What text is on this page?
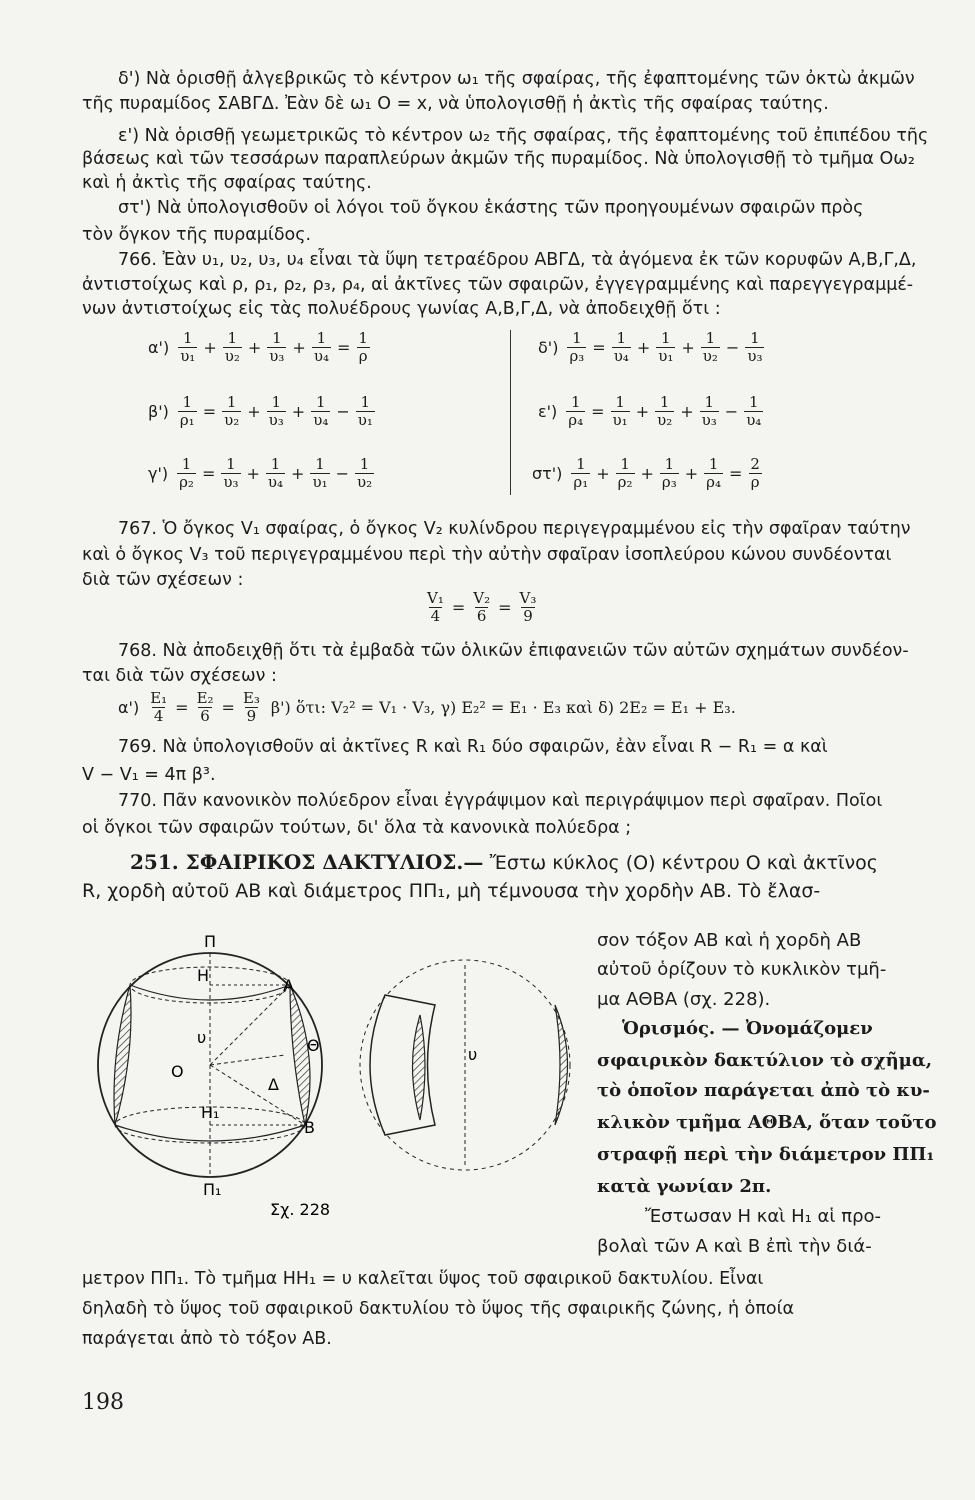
δ') Νὰ ὁρισθῇ ἀλγεβρικῶς τὸ κέντρον ω₁ τῆς σφαίρας, τῆς ἐφαπτομένης τῶν ὀκτὼ ἀκμῶν
τῆς πυραμίδος ΣΑΒΓΔ. Ἐὰν δὲ ω₁ Ο = x, νὰ ὑπολογισθῇ ἡ ἀκτὶς τῆς σφαίρας ταύτης.
ε') Νὰ ὁρισθῇ γεωμετρικῶς τὸ κέντρον ω₂ τῆς σφαίρας, τῆς ἐφαπτομένης τοῦ ἐπιπέδου τῆς
βάσεως καὶ τῶν τεσσάρων παραπλεύρων ἀκμῶν τῆς πυραμίδος. Νὰ ὑπολογισθῇ τὸ τμῆμα Οω₂
καὶ ἡ ἀκτὶς τῆς σφαίρας ταύτης.
στ') Νὰ ὑπολογισθοῦν οἱ λόγοι τοῦ ὄγκου ἑκάστης τῶν προηγουμένων σφαιρῶν πρὸς
τὸν ὄγκον τῆς πυραμίδος.
766. Ἐὰν υ₁, υ₂, υ₃, υ₄ εἶναι τὰ ὕψη τετραέδρου ΑΒΓΔ, τὰ ἀγόμενα ἐκ τῶν κορυφῶν Α,Β,Γ,Δ,
ἀντιστοίχως καὶ ρ, ρ₁, ρ₂, ρ₃, ρ₄, αἱ ἀκτῖνες τῶν σφαιρῶν, ἐγγεγραμμένης καὶ παρεγγεγραμμέ-
νων ἀντιστοίχως εἰς τὰς πολυέδρους γωνίας Α,Β,Γ,Δ, νὰ ἀποδειχθῇ ὅτι :
$\alpha') \frac{1}{\text{υ₁}} + \frac{1}{\text{υ₂}} + \frac{1}{\text{υ₃}} + \frac{1}{\text{υ₄}} = \frac{1}{\rho}$
$\beta') \frac{1}{\text{ρ₁}} = \frac{1}{\text{υ₂}} + \frac{1}{\text{υ₃}} + \frac{1}{\text{υ₄}} - \frac{1}{\text{υ₁}}$
$\gamma') \frac{1}{\text{ρ₂}} = \frac{1}{\text{υ₃}} + \frac{1}{\text{υ₄}} + \frac{1}{\text{υ₁}} - \frac{1}{\text{υ₂}}$
$\delta') \frac{1}{\text{ρ₃}} = \frac{1}{\text{υ₄}} + \frac{1}{\text{υ₁}} + \frac{1}{\text{υ₂}} - \frac{1}{\text{υ₃}}$
$\varepsilon') \frac{1}{\text{ρ₄}} = \frac{1}{\text{υ₁}} + \frac{1}{\text{υ₂}} + \frac{1}{\text{υ₃}} - \frac{1}{\text{υ₄}}$
$\sigma\tau') \frac{1}{\text{ρ₁}} + \frac{1}{\text{ρ₂}} + \frac{1}{\text{ρ₃}} + \frac{1}{\text{ρ₄}} = \frac{2}{\rho}$
767. Ὁ ὄγκος V₁ σφαίρας, ὁ ὄγκος V₂ κυλίνδρου περιγεγραμμένου εἰς τὴν σφαῖραν ταύτην
καὶ ὁ ὄγκος V₃ τοῦ περιγεγραμμένου περὶ τὴν αὐτὴν σφαῖραν ἰσοπλεύρου κώνου συνδέονται
διὰ τῶν σχέσεων :
$\frac{\text{V₁}}{4} = \frac{\text{V₂}}{6} = \frac{\text{V₃}}{9}$
768. Νὰ ἀποδειχθῇ ὅτι τὰ ἐμβαδὰ τῶν ὁλικῶν ἐπιφανειῶν τῶν αὐτῶν σχημάτων συνδέον-
ται διὰ τῶν σχέσεων :
$\alpha') \frac{\text{E₁}}{4} = \frac{\text{E₂}}{6} = \frac{\text{E₃}}{9} \beta'$) ὅτι: V₂² = V₁ · V₃, γ) E₂² = E₁ · E₃ καὶ δ) 2E₂ = E₁ + E₃.
769. Νὰ ὑπολογισθοῦν αἱ ἀκτῖνες R καὶ R₁ δύο σφαιρῶν, ἐὰν εἶναι R − R₁ = α καὶ
V − V₁ = 4π β³.
770. Πᾶν κανονικὸν πολύεδρον εἶναι ἐγγράψιμον καὶ περιγράψιμον περὶ σφαῖραν. Ποῖοι
οἱ ὄγκοι τῶν σφαιρῶν τούτων, δι' ὅλα τὰ κανονικὰ πολύεδρα ;
251. ΣΦΑΙΡΙΚΟΣ ΔΑΚΤΥΛΙΟΣ.— Ἔστω κύκλος (Ο) κέντρου Ο καὶ ἀκτῖνος
R, χορδὴ αὐτοῦ ΑΒ καὶ διάμετρος ΠΠ₁, μὴ τέμνουσα τὴν χορδὴν ΑΒ. Τὸ ἔλασ-
σον τόξον ΑΒ καὶ ἡ χορδὴ ΑΒ
αὐτοῦ ὁρίζουν τὸ κυκλικὸν τμῆ-
μα ΑΘΒΑ (σχ. 228).
Ὁρισμός. — Ὀνομάζομεν
σφαιρικὸν δακτύλιον τὸ σχῆμα,
τὸ ὁποῖον παράγεται ἀπὸ τὸ κυ-
κλικὸν τμῆμα ΑΘΒΑ, ὅταν τοῦτο
στραφῇ περὶ τὴν διάμετρον ΠΠ₁
κατὰ γωνίαν 2π.
Ἔστωσαν Η καὶ Η₁ αἱ προ-
βολαὶ τῶν Α καὶ Β ἐπὶ τὴν διά-
Π
Η
Α
υ	Θ
Ο
Δ
Η₁
Β
Π₁
Σχ. 228
υ
μετρον ΠΠ₁. Τὸ τμῆμα ΗΗ₁ = υ καλεῖται ὕψος τοῦ σφαιρικοῦ δακτυλίου. Εἶναι
δηλαδὴ τὸ ὕψος τοῦ σφαιρικοῦ δακτυλίου τὸ ὕψος τῆς σφαιρικῆς ζώνης, ἡ ὁποία
παράγεται ἀπὸ τὸ τόξον ΑΒ.
198
